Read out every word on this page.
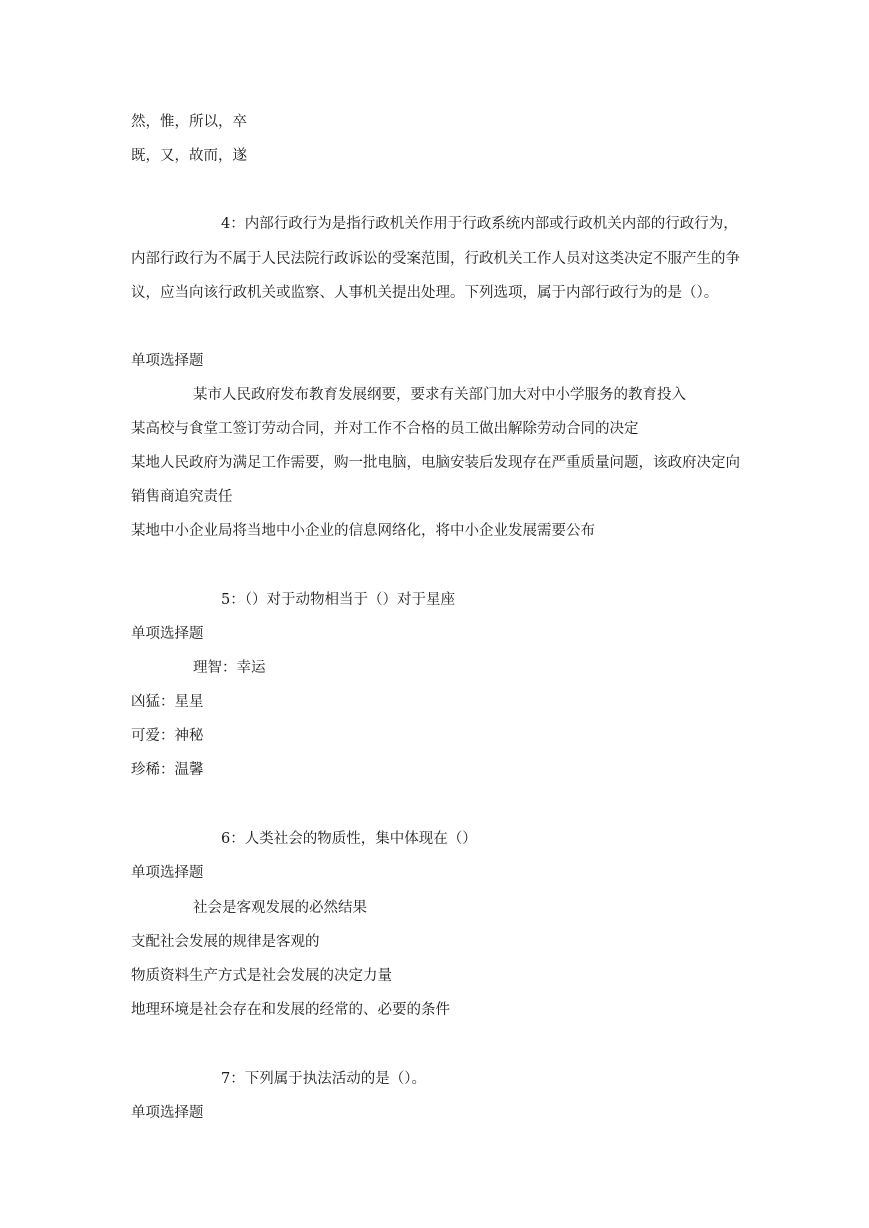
然，惟，所以，卒
既，又，故而，遂
4：内部行政行为是指行政机关作用于行政系统内部或行政机关内部的行政行为，内部行政行为不属于人民法院行政诉讼的受案范围，行政机关工作人员对这类决定不服产生的争议，应当向该行政机关或监察、人事机关提出处理。下列选项，属于内部行政行为的是（）。
单项选择题
某市人民政府发布教育发展纲要，要求有关部门加大对中小学服务的教育投入
某高校与食堂工签订劳动合同，并对工作不合格的员工做出解除劳动合同的决定
某地人民政府为满足工作需要，购一批电脑，电脑安装后发现存在严重质量问题，该政府决定向销售商追究责任
某地中小企业局将当地中小企业的信息网络化，将中小企业发展需要公布
5：（）对于动物相当于（）对于星座
单项选择题
理智：幸运
凶猛：星星
可爱：神秘
珍稀：温馨
6：人类社会的物质性，集中体现在（）
单项选择题
社会是客观发展的必然结果
支配社会发展的规律是客观的
物质资料生产方式是社会发展的决定力量
地理环境是社会存在和发展的经常的、必要的条件
7：下列属于执法活动的是（）。
单项选择题
